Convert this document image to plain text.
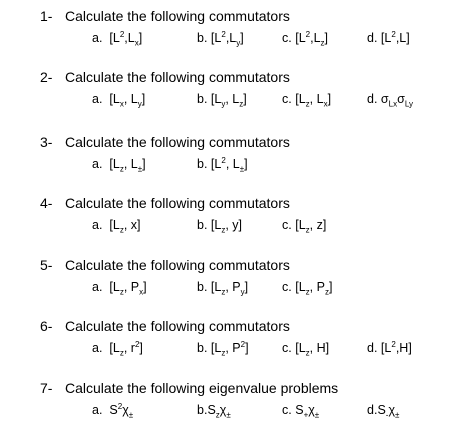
1- Calculate the following commutators
a. $[L^2,L_x]$	b. $[L^2,L_y]$	c. $[L^2,L_z]$	d. $[L^2,L]$
2- Calculate the following commutators
a. [$L_x$, $L_y$]	b. [$L_y$, $L_z$]	c. [$L_z$, $L_x$]	d. $\sigma_{Lx}\sigma_{Ly}$
3- Calculate the following commutators
a. [$L_z$, $L_\pm$]	b. [$L^2$, $L_\pm$]
4- Calculate the following commutators
a. [$L_z$, x]	b. [$L_z$, y]	c. [$L_z$, z]
5- Calculate the following commutators
a. [$L_z$, $P_x$]	b. [$L_z$, $P_y$]	c. [$L_z$, $P_z$]
6- Calculate the following commutators
a. [$L_z$, $r^2$]	b. [$L_z$, $P^2$]	c. [$L_z$, H]	d. $[L^2,H]$
7- Calculate the following eigenvalue problems
a. $S^2\chi_\pm$	$b.S_z\chi_\pm$	c. $S_+\chi_\pm$	$d.S_-\chi_\pm$
